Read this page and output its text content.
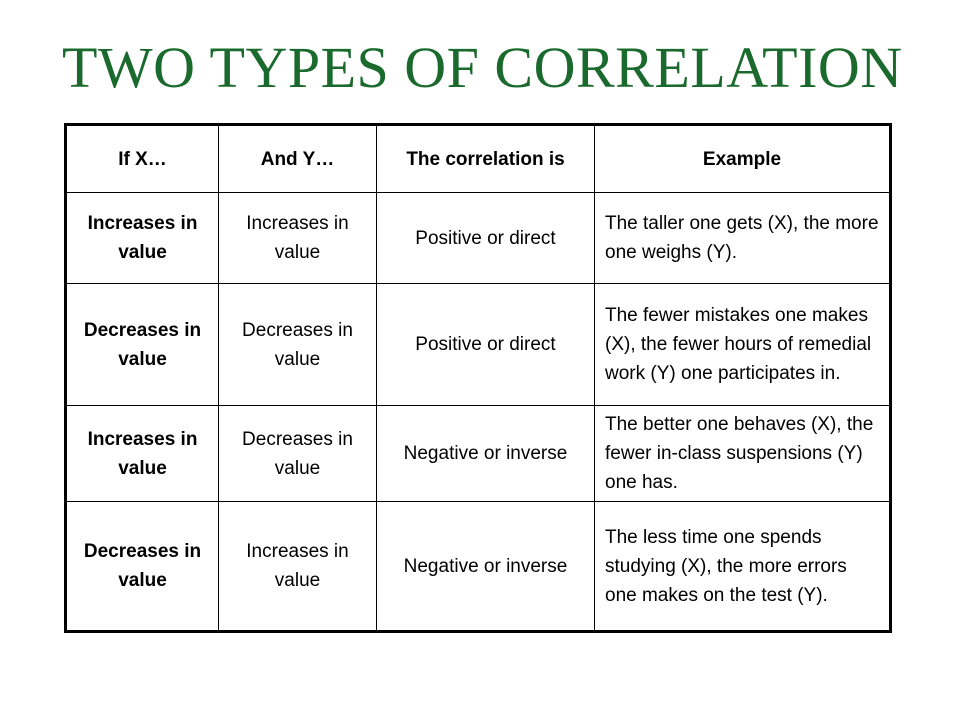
TWO TYPES OF CORRELATION
If X…	And Y…	The correlation is	Example
Increases in value	Increases in value	Positive or direct	The taller one gets (X), the more one weighs (Y).
Decreases in value	Decreases in value	Positive or direct	The fewer mistakes one makes (X), the fewer hours of remedial work (Y) one participates in.
Increases in value	Decreases in value	Negative or inverse	The better one behaves (X), the fewer in-class suspensions (Y) one has.
Decreases in value	Increases in value	Negative or inverse	The less time one spends studying (X), the more errors one makes on the test (Y).
